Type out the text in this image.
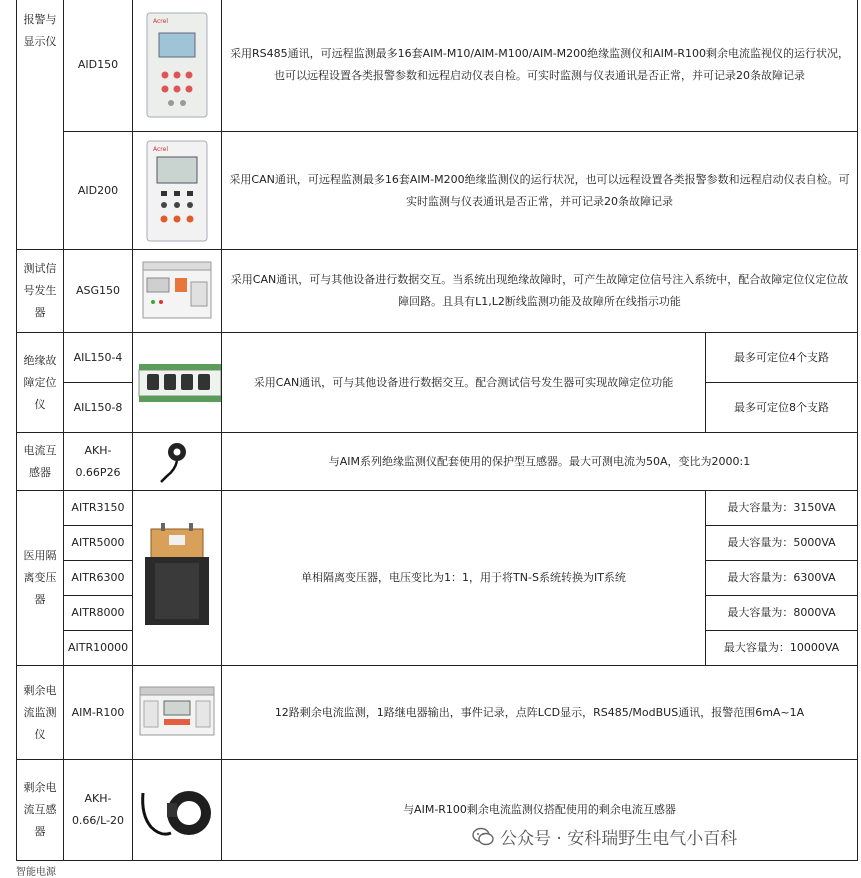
报警与显示仪	AID150	Acrel	采用RS485通讯，可远程监测最多16套AIM-M10/AIM-M100/AIM-M200绝缘监测仪和AIM-R100剩余电流监视仪的运行状况，也可以远程设置各类报警参数和远程启动仪表自检。可实时监测与仪表通讯是否正常，并可记录20条故障记录	
	AID200	Acrel	采用CAN通讯，可远程监测最多16套AIM-M200绝缘监测仪的运行状况，也可以远程设置各类报警参数和远程启动仪表自检。可实时监测与仪表通讯是否正常，并可记录20条故障记录	
测试信号发生器	ASG150		采用CAN通讯，可与其他设备进行数据交互。当系统出现绝缘故障时，可产生故障定位信号注入系统中，配合故障定位仪定位故障回路。且具有L1,L2断线监测功能及故障所在线指示功能	
绝缘故障定位仪	AIL150-4		采用CAN通讯，可与其他设备进行数据交互。配合测试信号发生器可实现故障定位功能	最多可定位4个支路
	AIL150-8			最多可定位8个支路
电流互感器	AKH-0.66P26		与AIM系列绝缘监测仪配套使用的保护型互感器。最大可测电流为50A，变比为2000:1	
医用隔离变压器	AITR3150		单相隔离变压器，电压变比为1：1，用于将TN-S系统转换为IT系统	最大容量为：3150VA
	AITR5000			最大容量为：5000VA
	AITR6300			最大容量为：6300VA
	AITR8000			最大容量为：8000VA
	AITR10000			最大容量为：10000VA
剩余电流监测仪	AIM-R100		12路剩余电流监测，1路继电器输出，事件记录，点阵LCD显示，RS485/ModBUS通讯，报警范围6mA~1A	
剩余电流互感器	AKH-0.66/L-20		与AIM-R100剩余电流监测仪搭配使用的剩余电流互感器	
智能电源
公众号 · 安科瑞野生电气小百科
